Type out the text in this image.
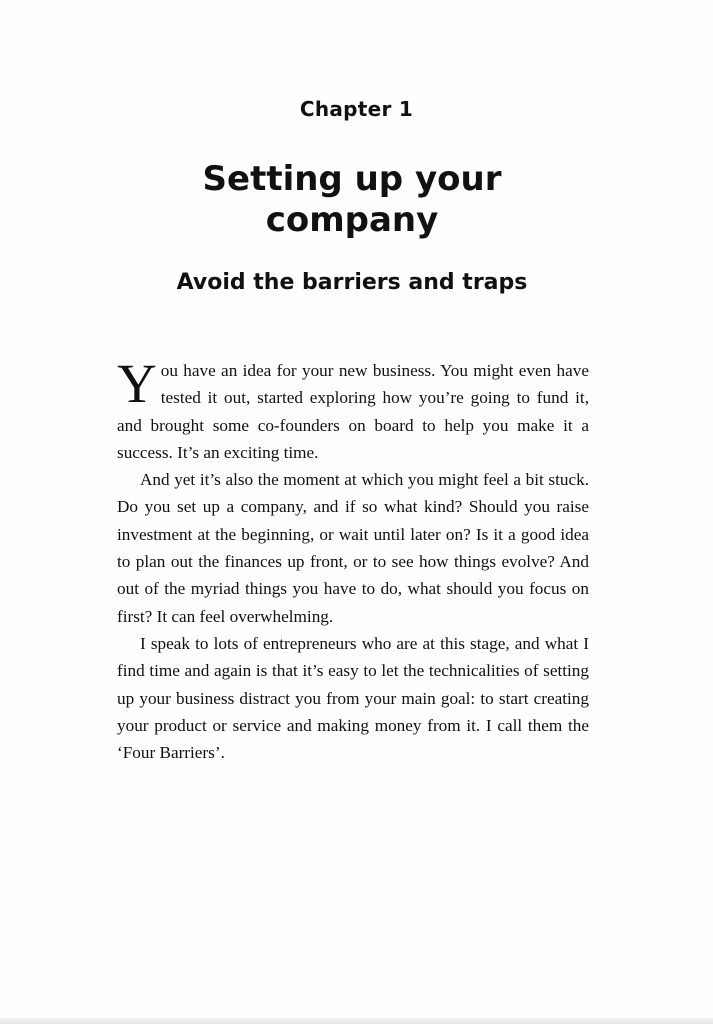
Chapter 1
Setting up your
company
Avoid the barriers and traps

You have an idea for your new business. You might even have tested it out, started exploring how you’re going to fund it, and brought some co-founders on board to help you make it a success. It’s an exciting time.

And yet it’s also the moment at which you might feel a bit stuck. Do you set up a company, and if so what kind? Should you raise investment at the beginning, or wait until later on? Is it a good idea to plan out the finances up front, or to see how things evolve? And out of the myriad things you have to do, what should you focus on first? It can feel overwhelming.

I speak to lots of entrepreneurs who are at this stage, and what I find time and again is that it’s easy to let the technicalities of setting up your business distract you from your main goal: to start creating your product or service and making money from it. I call them the ‘Four Barriers’.
